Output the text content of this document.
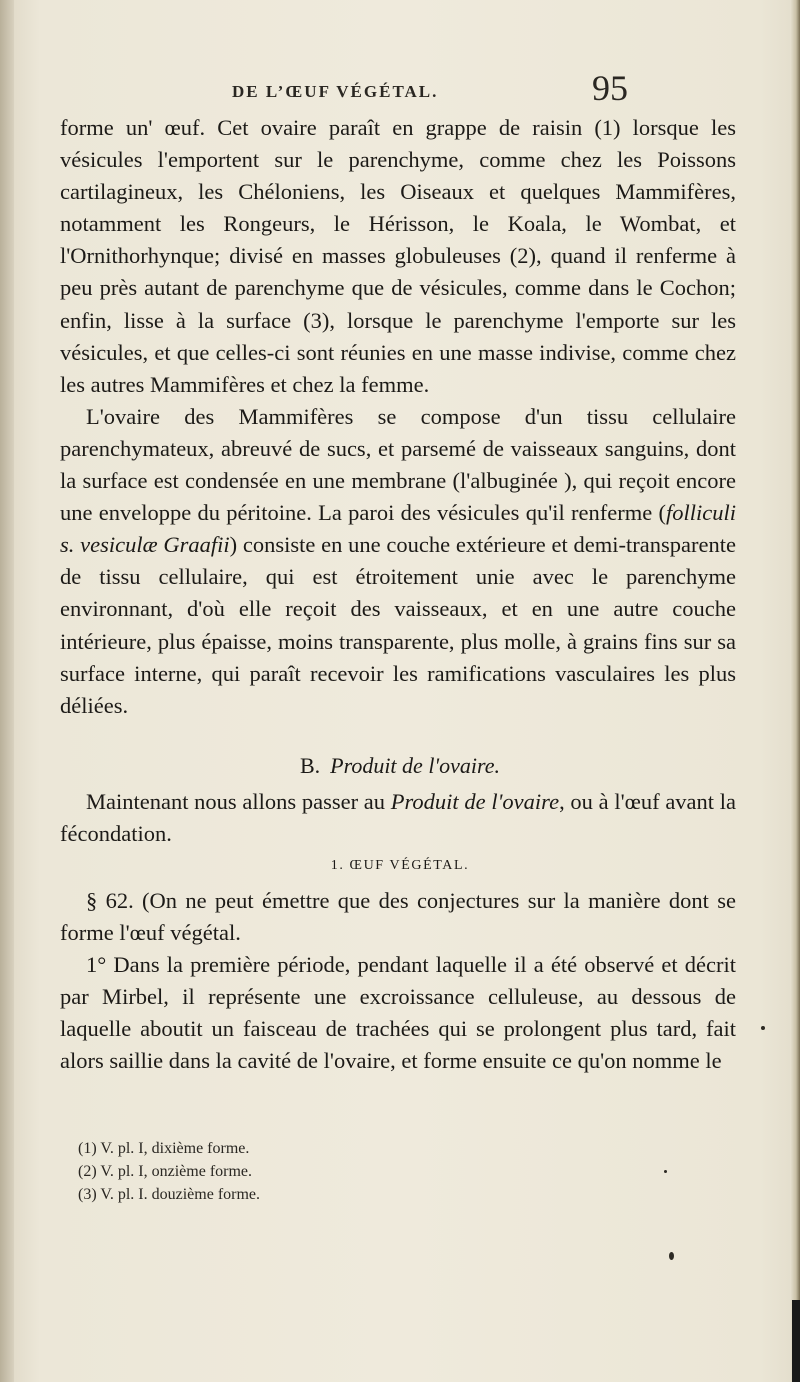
DE L’ŒUF VÉGÉTAL.	95

forme un' œuf. Cet ovaire paraît en grappe de raisin (1) lorsque les vésicules l'emportent sur le parenchyme, comme chez les Poissons cartilagineux, les Chéloniens, les Oiseaux et quelques Mammifères, notamment les Rongeurs, le Hérisson, le Koala, le Wombat, et l'Ornithorhynque; divisé en masses globuleuses (2), quand il renferme à peu près autant de parenchyme que de vésicules, comme dans le Cochon; enfin, lisse à la surface (3), lorsque le parenchyme l'emporte sur les vésicules, et que celles-ci sont réunies en une masse indivise, comme chez les autres Mammifères et chez la femme.

L'ovaire des Mammifères se compose d'un tissu cellulaire parenchymateux, abreuvé de sucs, et parsemé de vaisseaux sanguins, dont la surface est condensée en une membrane (l'albuginée ), qui reçoit encore une enveloppe du péritoine. La paroi des vésicules qu'il renferme (folliculi s. vesiculæ Graafii) consiste en une couche extérieure et demi-transparente de tissu cellulaire, qui est étroitement unie avec le parenchyme environnant, d'où elle reçoit des vaisseaux, et en une autre couche intérieure, plus épaisse, moins transparente, plus molle, à grains fins sur sa surface interne, qui paraît recevoir les ramifications vasculaires les plus déliées.

B. Produit de l'ovaire.

Maintenant nous allons passer au Produit de l'ovaire, ou à l'œuf avant la fécondation.

1. ŒUF VÉGÉTAL.

§ 62. (On ne peut émettre que des conjectures sur la manière dont se forme l'œuf végétal.

1° Dans la première période, pendant laquelle il a été observé et décrit par Mirbel, il représente une excroissance celluleuse, au dessous de laquelle aboutit un faisceau de trachées qui se prolongent plus tard, fait alors saillie dans la cavité de l'ovaire, et forme ensuite ce qu'on nomme le

(1) V. pl. I, dixième forme.
(2) V. pl. I, onzième forme.
(3) V. pl. I. douzième forme.
